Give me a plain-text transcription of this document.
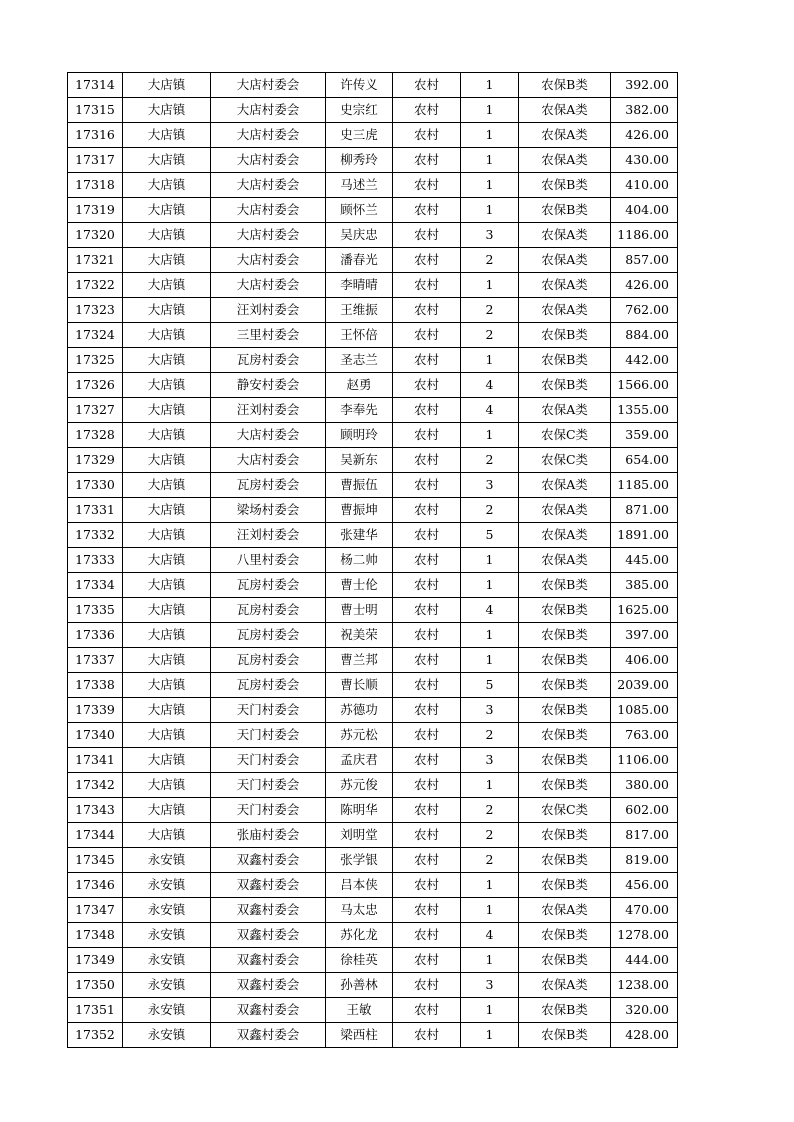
17314	大店镇	大店村委会	许传义	农村	1	农保B类	392.00
17315	大店镇	大店村委会	史宗红	农村	1	农保A类	382.00
17316	大店镇	大店村委会	史三虎	农村	1	农保A类	426.00
17317	大店镇	大店村委会	柳秀玲	农村	1	农保A类	430.00
17318	大店镇	大店村委会	马述兰	农村	1	农保B类	410.00
17319	大店镇	大店村委会	顾怀兰	农村	1	农保B类	404.00
17320	大店镇	大店村委会	吴庆忠	农村	3	农保A类	1186.00
17321	大店镇	大店村委会	潘春光	农村	2	农保A类	857.00
17322	大店镇	大店村委会	李晴晴	农村	1	农保A类	426.00
17323	大店镇	汪刘村委会	王维振	农村	2	农保A类	762.00
17324	大店镇	三里村委会	王怀倍	农村	2	农保B类	884.00
17325	大店镇	瓦房村委会	圣志兰	农村	1	农保B类	442.00
17326	大店镇	静安村委会	赵勇	农村	4	农保B类	1566.00
17327	大店镇	汪刘村委会	李奉先	农村	4	农保A类	1355.00
17328	大店镇	大店村委会	顾明玲	农村	1	农保C类	359.00
17329	大店镇	大店村委会	吴新东	农村	2	农保C类	654.00
17330	大店镇	瓦房村委会	曹振伍	农村	3	农保A类	1185.00
17331	大店镇	梁场村委会	曹振坤	农村	2	农保A类	871.00
17332	大店镇	汪刘村委会	张建华	农村	5	农保A类	1891.00
17333	大店镇	八里村委会	杨二帅	农村	1	农保A类	445.00
17334	大店镇	瓦房村委会	曹士伦	农村	1	农保B类	385.00
17335	大店镇	瓦房村委会	曹士明	农村	4	农保B类	1625.00
17336	大店镇	瓦房村委会	祝美荣	农村	1	农保B类	397.00
17337	大店镇	瓦房村委会	曹兰邦	农村	1	农保B类	406.00
17338	大店镇	瓦房村委会	曹长顺	农村	5	农保B类	2039.00
17339	大店镇	天门村委会	苏德功	农村	3	农保B类	1085.00
17340	大店镇	天门村委会	苏元松	农村	2	农保B类	763.00
17341	大店镇	天门村委会	孟庆君	农村	3	农保B类	1106.00
17342	大店镇	天门村委会	苏元俊	农村	1	农保B类	380.00
17343	大店镇	天门村委会	陈明华	农村	2	农保C类	602.00
17344	大店镇	张庙村委会	刘明堂	农村	2	农保B类	817.00
17345	永安镇	双鑫村委会	张学银	农村	2	农保B类	819.00
17346	永安镇	双鑫村委会	吕本侠	农村	1	农保B类	456.00
17347	永安镇	双鑫村委会	马太忠	农村	1	农保A类	470.00
17348	永安镇	双鑫村委会	苏化龙	农村	4	农保B类	1278.00
17349	永安镇	双鑫村委会	徐桂英	农村	1	农保B类	444.00
17350	永安镇	双鑫村委会	孙善林	农村	3	农保A类	1238.00
17351	永安镇	双鑫村委会	王敏	农村	1	农保B类	320.00
17352	永安镇	双鑫村委会	梁西柱	农村	1	农保B类	428.00
